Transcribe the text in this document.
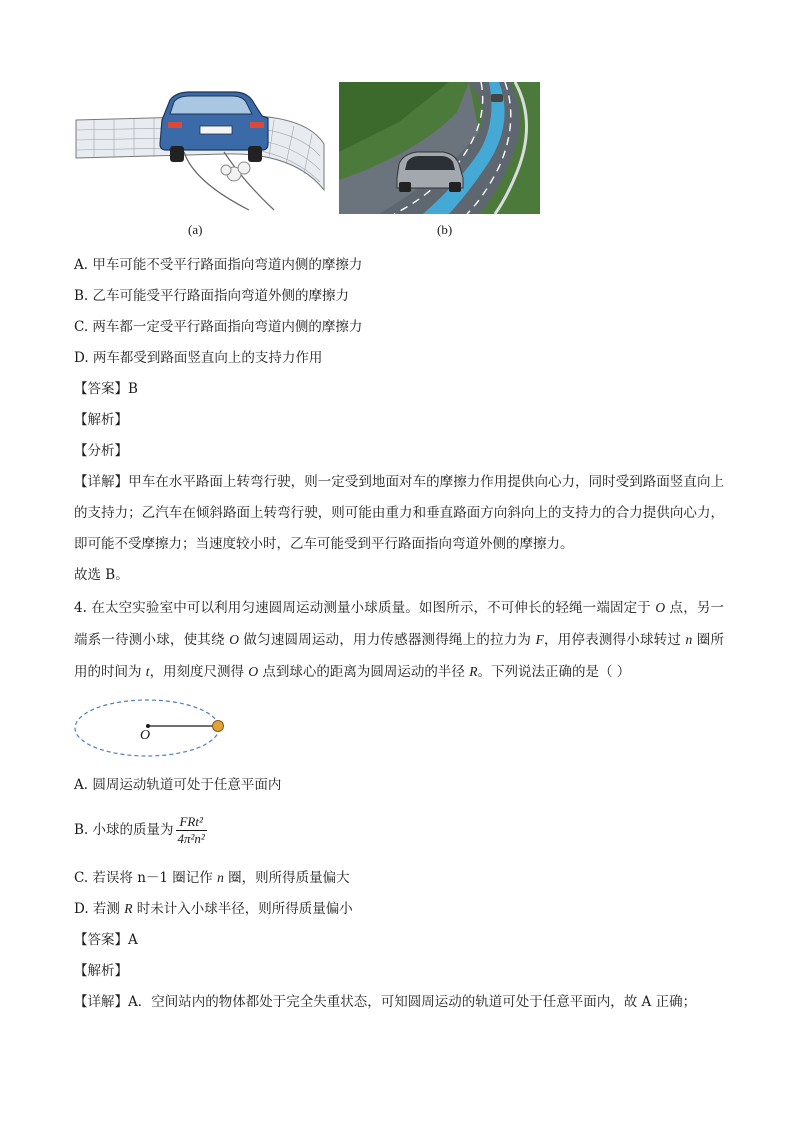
(a)	(b)
A. 甲车可能不受平行路面指向弯道内侧的摩擦力
B. 乙车可能受平行路面指向弯道外侧的摩擦力
C. 两车都一定受平行路面指向弯道内侧的摩擦力
D. 两车都受到路面竖直向上的支持力作用
【答案】B
【解析】
【分析】
【详解】甲车在水平路面上转弯行驶，则一定受到地面对车的摩擦力作用提供向心力，同时受到路面竖直向上的支持力；乙汽车在倾斜路面上转弯行驶，则可能由重力和垂直路面方向斜向上的支持力的合力提供向心力，即可能不受摩擦力；当速度较小时，乙车可能受到平行路面指向弯道外侧的摩擦力。
故选 B。
4. 在太空实验室中可以利用匀速圆周运动测量小球质量。如图所示，不可伸长的轻绳一端固定于 O 点，另一端系一待测小球，使其绕 O 做匀速圆周运动，用力传感器测得绳上的拉力为 F，用停表测得小球转过 n 圈所用的时间为 t，用刻度尺测得 O 点到球心的距离为圆周运动的半径 R。下列说法正确的是（ ）
O
A. 圆周运动轨道可处于任意平面内
B. 小球的质量为 $\frac{\text{FRt²}}{\text{4π²n²}}$
C. 若误将 n－1 圈记作 n 圈，则所得质量偏大
D. 若测 R 时未计入小球半径，则所得质量偏小
【答案】A
【解析】
【详解】A．空间站内的物体都处于完全失重状态，可知圆周运动的轨道可处于任意平面内，故 A 正确；
